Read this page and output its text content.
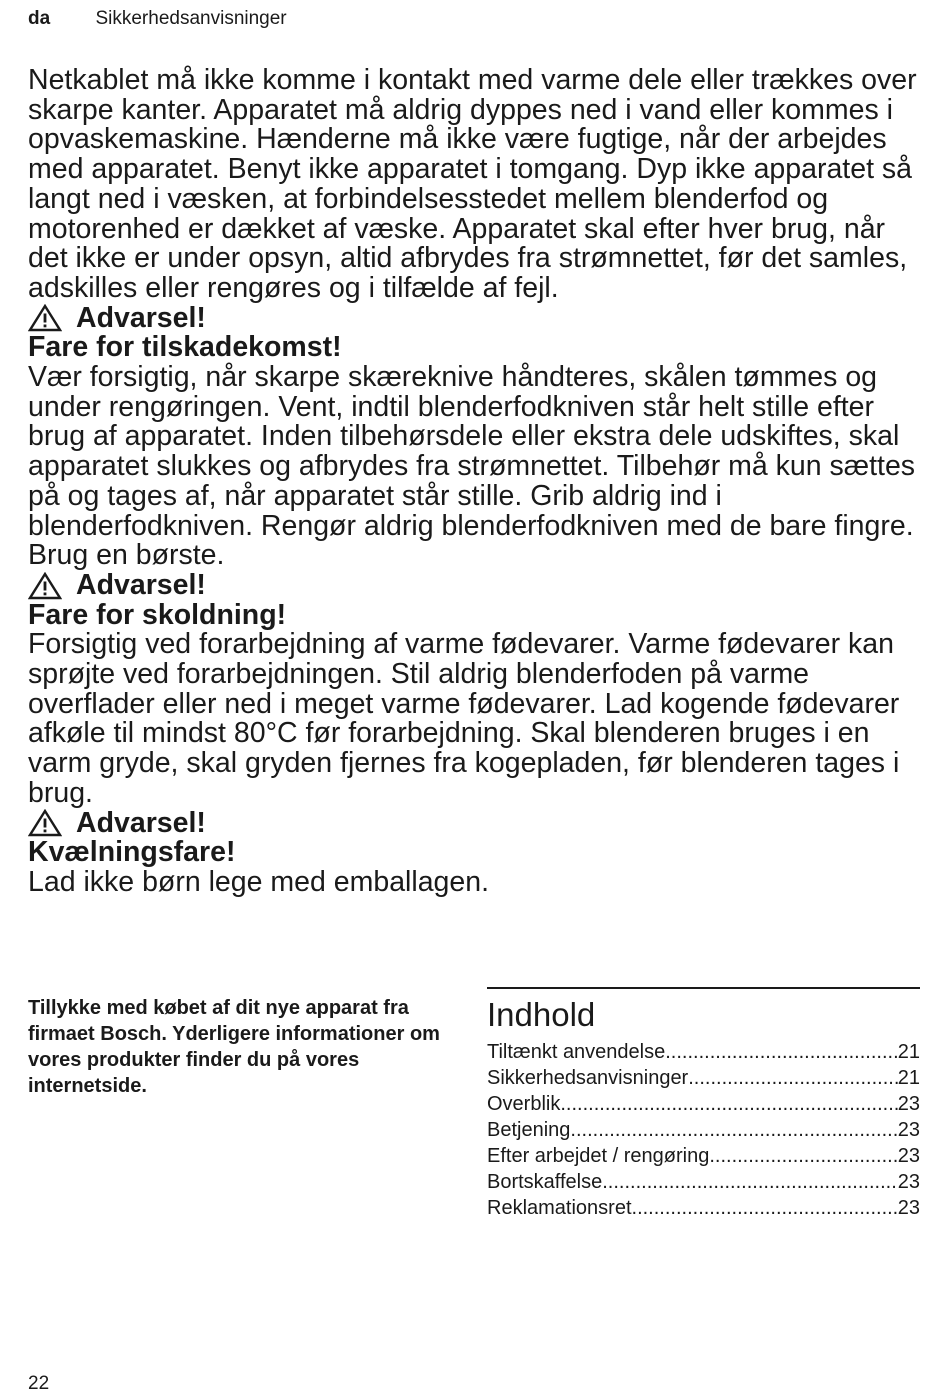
da Sikkerhedsanvisninger

Netkablet må ikke komme i kontakt med varme dele eller trækkes over skarpe kanter. Apparatet må aldrig dyppes ned i vand eller kommes i opvaskemaskine. Hænderne må ikke være fugtige, når der arbejdes med apparatet. Benyt ikke apparatet i tomgang. Dyp ikke apparatet så langt ned i væsken, at forbindelsesstedet mellem blenderfod og motorenhed er dækket af væske. Apparatet skal efter hver brug, når det ikke er under opsyn, altid afbrydes fra strømnettet, før det samles, adskilles eller rengøres og i tilfælde af fejl.

Advarsel!
Fare for tilskadekomst!

Vær forsigtig, når skarpe skæreknive håndteres, skålen tømmes og under rengøringen. Vent, indtil blenderfodkniven står helt stille efter brug af apparatet. Inden tilbehørsdele eller ekstra dele udskiftes, skal apparatet slukkes og afbrydes fra strømnettet. Tilbehør må kun sættes på og tages af, når apparatet står stille. Grib aldrig ind i blenderfodkniven. Rengør aldrig blenderfodkniven med de bare fingre. Brug en børste.

Advarsel!
Fare for skoldning!

Forsigtig ved forarbejdning af varme fødevarer. Varme fødevarer kan sprøjte ved forarbejdningen. Stil aldrig blenderfoden på varme overflader eller ned i meget varme fødevarer. Lad kogende fødevarer afkøle til mindst 80°C før forarbejdning. Skal blenderen bruges i en varm gryde, skal gryden fjernes fra kogepladen, før blenderen tages i brug.

Advarsel!
Kvælningsfare!

Lad ikke børn lege med emballagen.

Tillykke med købet af dit nye apparat fra firmaet Bosch. Yderligere informationer om vores produkter finder du på vores internetside.
Indhold
Tiltænkt anvendelse .....	21
Sikkerhedsanvisninger .....	21
Overblik .....	23
Betjening .....	23
Efter arbejdet / rengøring .....	23
Bortskaffelse .....	23
Reklamationsret .....	23
22
